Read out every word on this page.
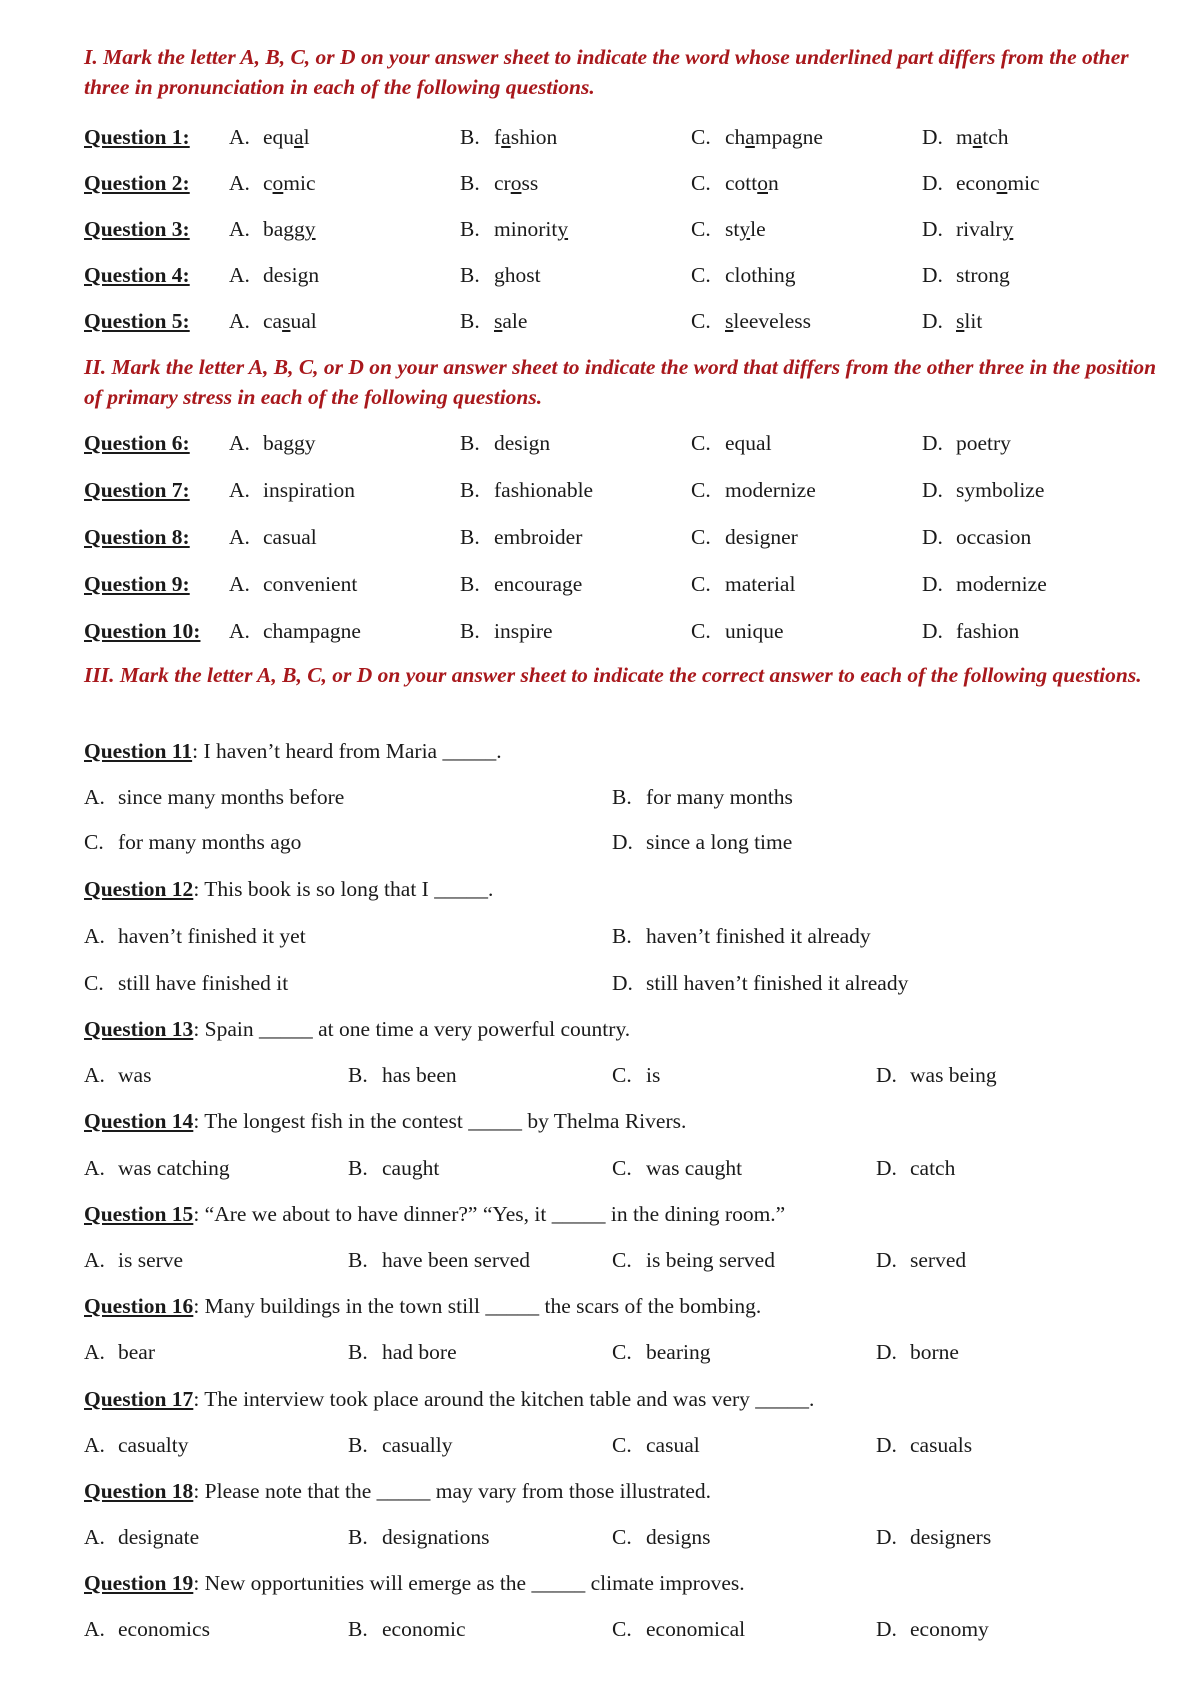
I. Mark the letter A, B, C, or D on your answer sheet to indicate the word whose underlined part differs from the other three in pronunciation in each of the following questions.

Question 1: A. equal	B. fashion	C. champagne	D. match
Question 2: A. comic	B. cross	C. cotton	D. economic
Question 3: A. baggy	B. minority	C. style	D. rivalry
Question 4: A. design	B. ghost	C. clothing	D. strong
Question 5: A. casual	B. sale	C. sleeveless	D. slit

II. Mark the letter A, B, C, or D on your answer sheet to indicate the word that differs from the other three in the position of primary stress in each of the following questions.

Question 6: A. baggy	B. design	C. equal	D. poetry
Question 7: A. inspiration	B. fashionable	C. modernize	D. symbolize
Question 8: A. casual	B. embroider	C. designer	D. occasion
Question 9: A. convenient	B. encourage	C. material	D. modernize
Question 10: A. champagne	B. inspire	C. unique	D. fashion

III. Mark the letter A, B, C, or D on your answer sheet to indicate the correct answer to each of the following questions.

Question 11: I haven’t heard from Maria _____.
A. since many months before	B. for many months
C. for many months ago	D. since a long time
Question 12: This book is so long that I _____.
A. haven’t finished it yet	B. haven’t finished it already
C. still have finished it	D. still haven’t finished it already
Question 13: Spain _____ at one time a very powerful country.
A. was	B. has been	C. is	D. was being
Question 14: The longest fish in the contest _____ by Thelma Rivers.
A. was catching	B. caught	C. was caught	D. catch
Question 15: “Are we about to have dinner?” “Yes, it _____ in the dining room.”
A. is serve	B. have been served	C. is being served	D. served
Question 16: Many buildings in the town still _____ the scars of the bombing.
A. bear	B. had bore	C. bearing	D. borne
Question 17: The interview took place around the kitchen table and was very _____.
A. casualty	B. casually	C. casual	D. casuals
Question 18: Please note that the _____ may vary from those illustrated.
A. designate	B. designations	C. designs	D. designers
Question 19: New opportunities will emerge as the _____ climate improves.
A. economics	B. economic	C. economical	D. economy
